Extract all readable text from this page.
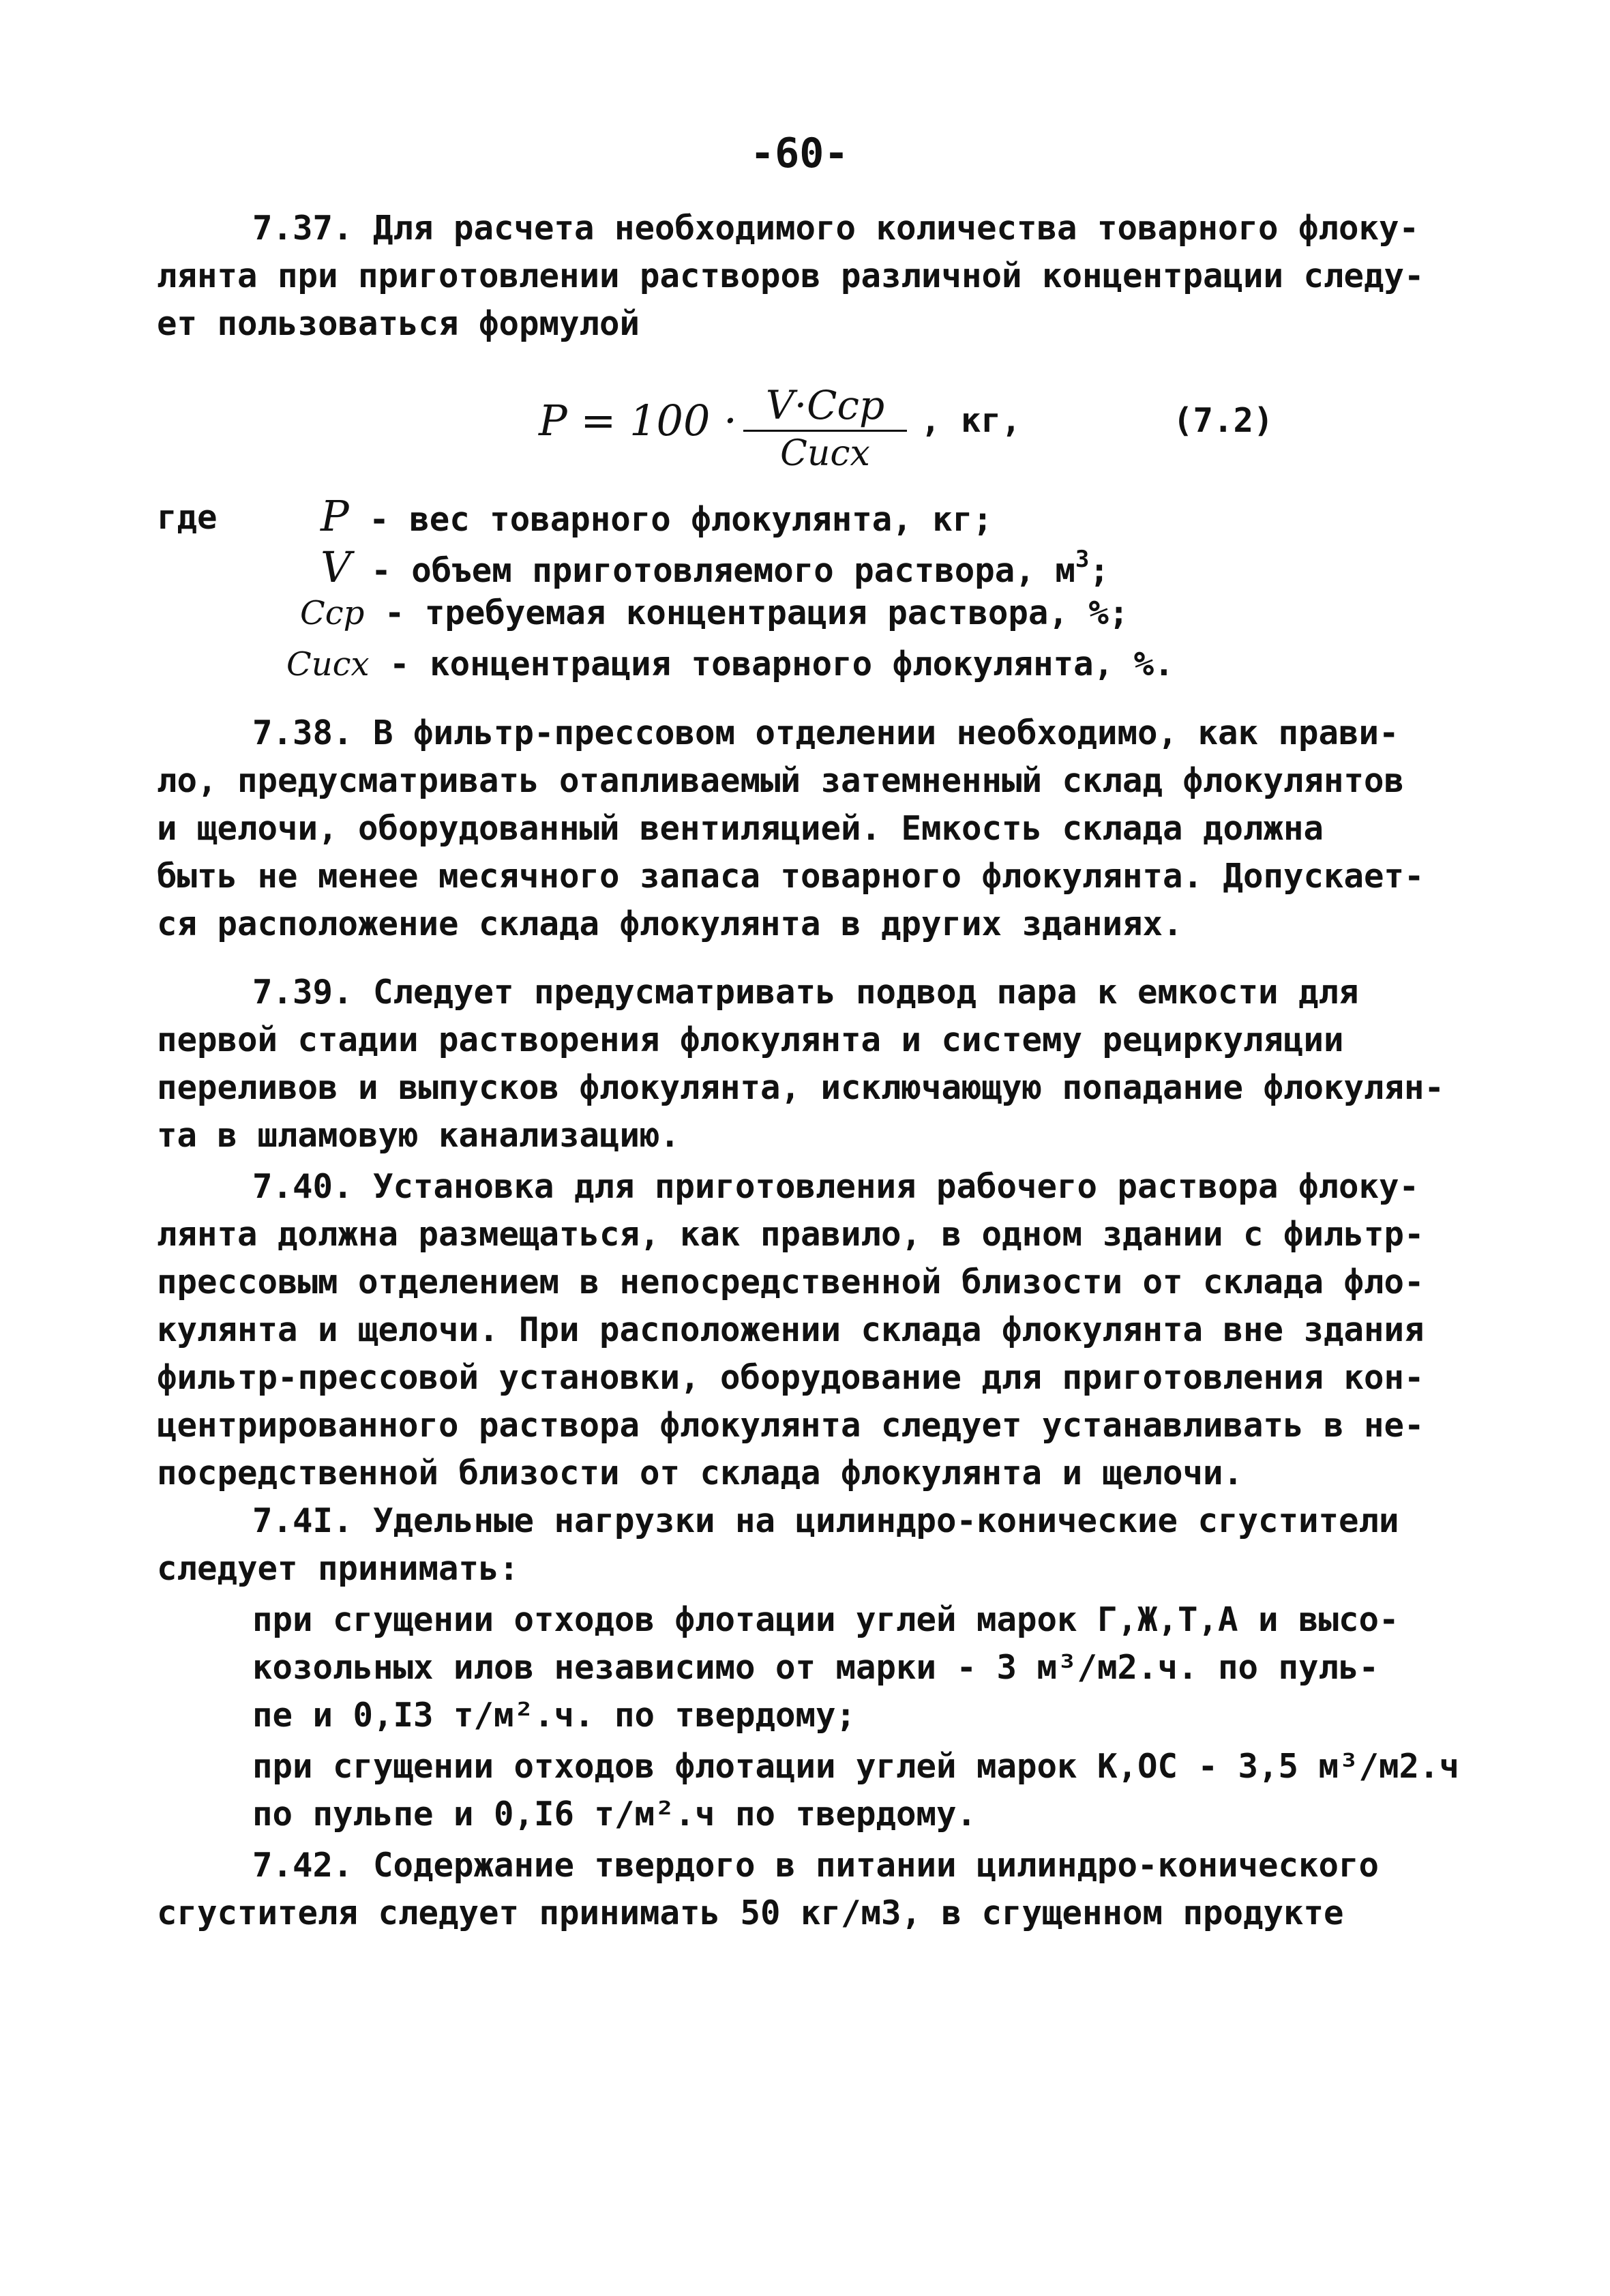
-60-
7.37. Для расчета необходимого количества товарного флоку-
лянта при приготовлении растворов различной концентрации следу-
ет пользоваться формулой
P = 100 · V·Cср
Cисх
, кг,	(7.2)
где P - вес товарного флокулянта, кг;
V - объем приготовляемого раствора, $м^3$;
Cср - требуемая концентрация раствора, %;
Cисх - концентрация товарного флокулянта, %.
7.38. В фильтр-прессовом отделении необходимо, как прави-
ло, предусматривать отапливаемый затемненный склад флокулянтов
и щелочи, оборудованный вентиляцией. Емкость склада должна
быть не менее месячного запаса товарного флокулянта. Допускает-
ся расположение склада флокулянта в других зданиях.
7.39. Следует предусматривать подвод пара к емкости для
первой стадии растворения флокулянта и систему рециркуляции
переливов и выпусков флокулянта, исключающую попадание флокулян-
та в шламовую канализацию.
7.40. Установка для приготовления рабочего раствора флоку-
лянта должна размещаться, как правило, в одном здании с фильтр-
прессовым отделением в непосредственной близости от склада фло-
кулянта и щелочи. При расположении склада флокулянта вне здания
фильтр-прессовой установки, оборудование для приготовления кон-
центрированного раствора флокулянта следует устанавливать в не-
посредственной близости от склада флокулянта и щелочи.
7.4I. Удельные нагрузки на цилиндро-конические сгустители
следует принимать:
при сгущении отходов флотации углей марок Г,Ж,Т,А и высо-
козольных илов независимо от марки - 3 м³/м2.ч. по пуль-
пе и 0,I3 т/м².ч. по твердому;
при сгущении отходов флотации углей марок К,ОС - 3,5 м³/м2.ч
по пульпе и 0,I6 т/м².ч по твердому.
7.42. Содержание твердого в питании цилиндро-конического
сгустителя следует принимать 50 кг/м3, в сгущенном продукте
